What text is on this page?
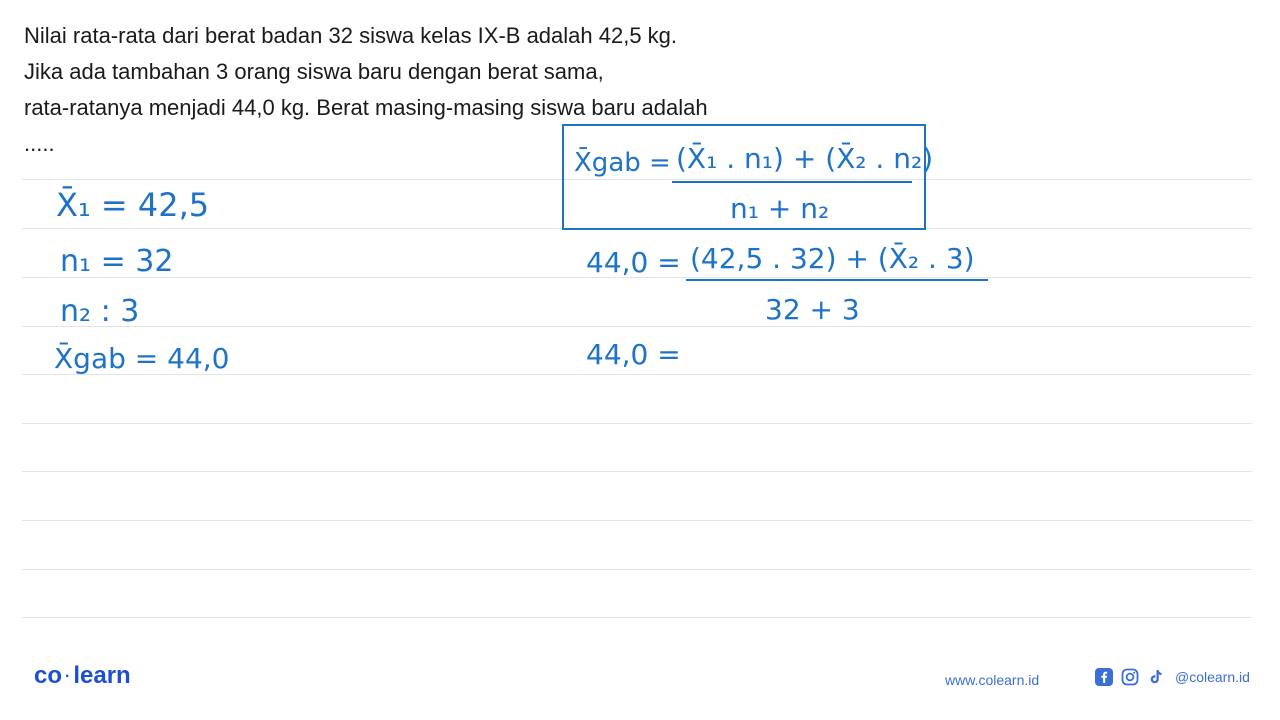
Nilai rata-rata dari berat badan 32 siswa kelas IX-B adalah 42,5 kg.

Jika ada tambahan 3 orang siswa baru dengan berat sama,

rata-ratanya menjadi 44,0 kg. Berat masing-masing siswa baru adalah

.....

X̄₁ = 42,5
n₁ = 32
n₂ : 3
X̄gab = 44,0
X̄gab = (X̄₁ . n₁) + (X̄₂ . n₂)
n₁ + n₂
44,0 = (42,5 . 32) + (X̄₂ . 3)
32 + 3
44,0 =
co · learn	www.colearn.id	@colearn.id
